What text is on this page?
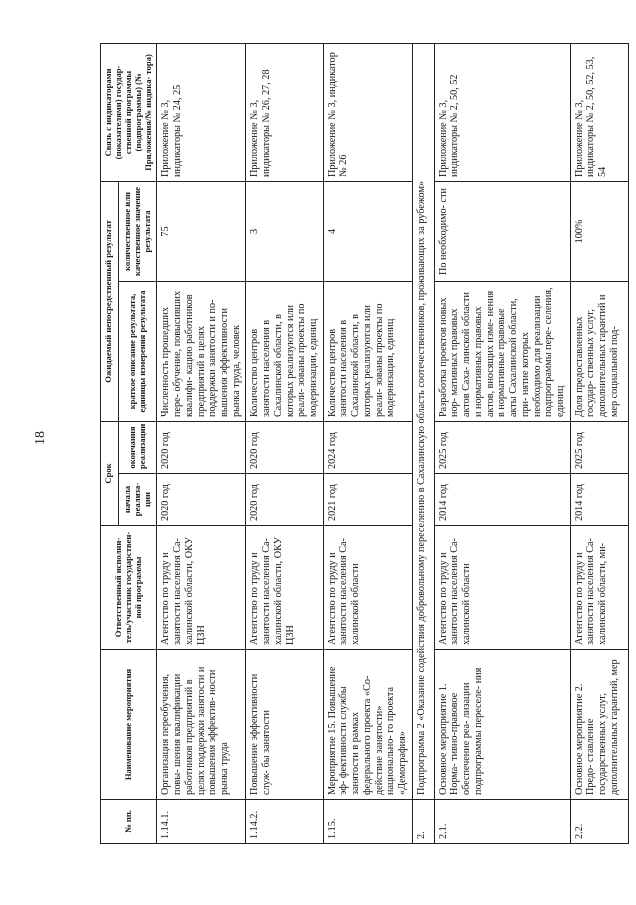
18
№ пп.	Наименование мероприятия	Ответственный исполни- тель/участник государствен- ной программы	Срок		Ожидаемый непосредственный результат		Связь с индикаторами (показателями) государ- ственной программы (подпрограммы) (№ Приложения/№ индика- тора)
			начала реализа- ции	окончания реализации	краткое описание результата, единицы измерения результата	количественное или качественное значение результата	
1.14.1.	Организация переобучения, повы- шения квалификации работников предприятий в целях поддержки занятости и повышения эффектив- ности рынка труда	Агентство по труду и занятости населения Са- халинской области, ОКУ ЦЗН	2020 год	2020 год	Численность прошедших пере- обучение, повысивших квалифи- кацию работников предприятий в целях поддержки занятости и по- вышения эффективности рынка труда, человек	75	Приложение № 3, индикаторы № 24, 25
1.14.2.	Повышение эффективности служ- бы занятости	Агентство по труду и занятости населения Са- халинской области, ОКУ ЦЗН	2020 год	2020 год	Количество центров занятости населения в Сахалинской области, в которых реализуются или реали- зованы проекты по модернизации, единиц	3	Приложение № 3, индикаторы № 26, 27, 28
1.15.	Мероприятие 15. Повышение эф- фективности службы занятости в рамках федерального проекта «Со- действие занятости» национально- го проекта «Демография»	Агентство по труду и занятости населения Са- халинской области	2021 год	2024 год	Количество центров занятости населения в Сахалинской области, в которых реализуются или реали- зованы проекты по модернизации, единиц	4	Приложение № 3, индикатор № 26
2.	Подпрограмма 2 «Оказание содействия добровольному переселению в Сахалинскую область соотечественников, проживающих за рубежом»						
2.1.	Основное мероприятие 1. Норма- тивно-правовое обеспечение реа- лизации подпрограммы переселе- ния	Агентство по труду и занятости населения Са- халинской области	2014 год	2025 год	Разработка проектов новых нор- мативных правовых актов Саха- линской области и нормативных правовых актов, вносящих изме- нения в нормативные правовые акты Сахалинской области, при- нятие которых необходимо для реализации подпрограммы пере- селения, единиц	По необходимо- сти	Приложение № 3, индикаторы № 2, 50, 52
2.2.	Основное мероприятие 2. Предо- ставление государственных услуг, дополнительных гарантий, мер	Агентство по труду и занятости населения Са- халинской области, ми-	2014 год	2025 год	Доля предоставленных государ- ственных услуг, дополнительных гарантий и мер социальной под-	100%	Приложение № 3, индикаторы № 2, 50, 52, 53, 54
